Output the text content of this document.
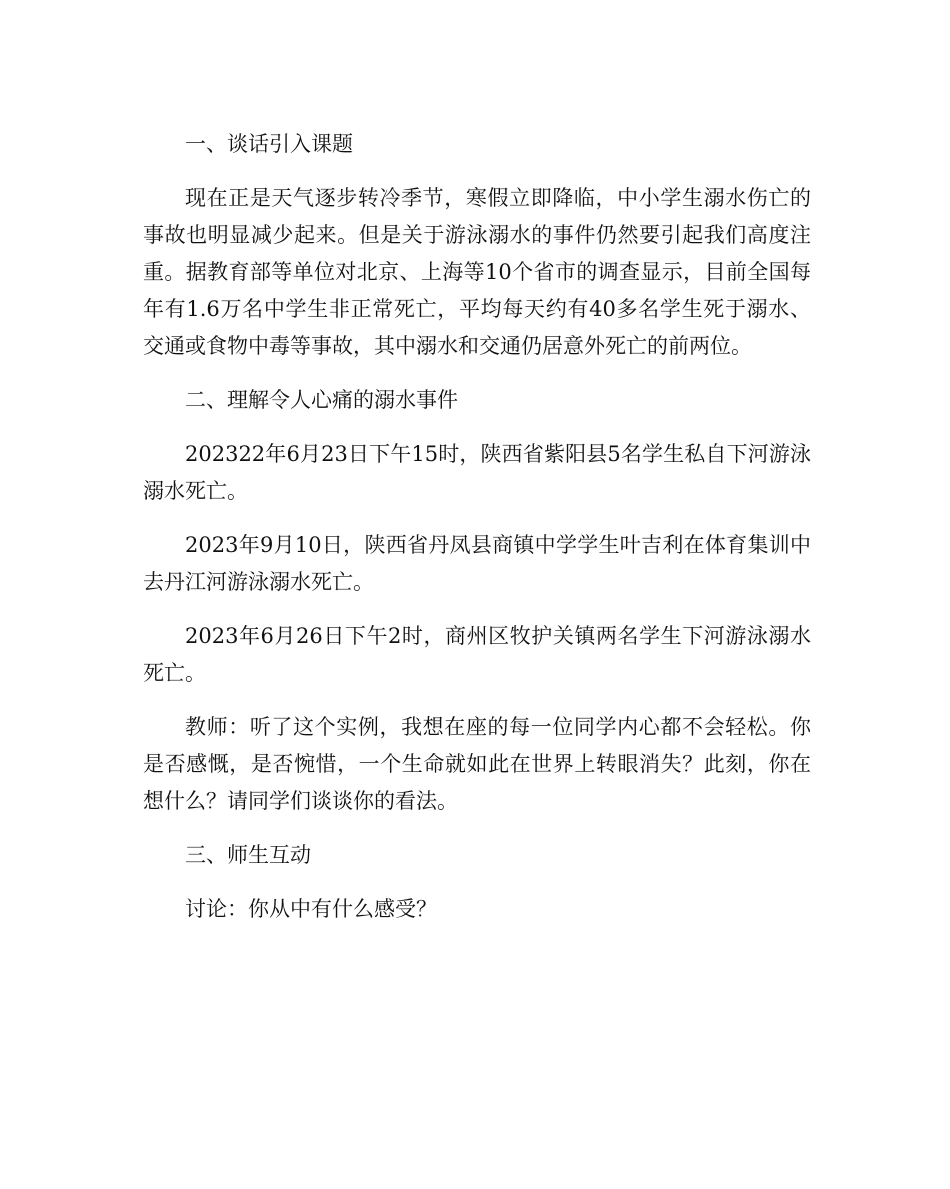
一、谈话引入课题

现在正是天气逐步转冷季节，寒假立即降临，中小学生溺水伤亡的事故也明显减少起来。但是关于游泳溺水的事件仍然要引起我们高度注重。据教育部等单位对北京、上海等10个省市的调查显示，目前全国每年有1.6万名中学生非正常死亡，平均每天约有40多名学生死于溺水、交通或食物中毒等事故，其中溺水和交通仍居意外死亡的前两位。

二、理解令人心痛的溺水事件

202322年6月23日下午15时，陕西省紫阳县5名学生私自下河游泳溺水死亡。

2023年9月10日，陕西省丹凤县商镇中学学生叶吉利在体育集训中去丹江河游泳溺水死亡。

2023年6月26日下午2时，商州区牧护关镇两名学生下河游泳溺水死亡。

教师：听了这个实例，我想在座的每一位同学内心都不会轻松。你是否感慨，是否惋惜，一个生命就如此在世界上转眼消失？此刻，你在想什么？请同学们谈谈你的看法。

三、师生互动

讨论：你从中有什么感受？
